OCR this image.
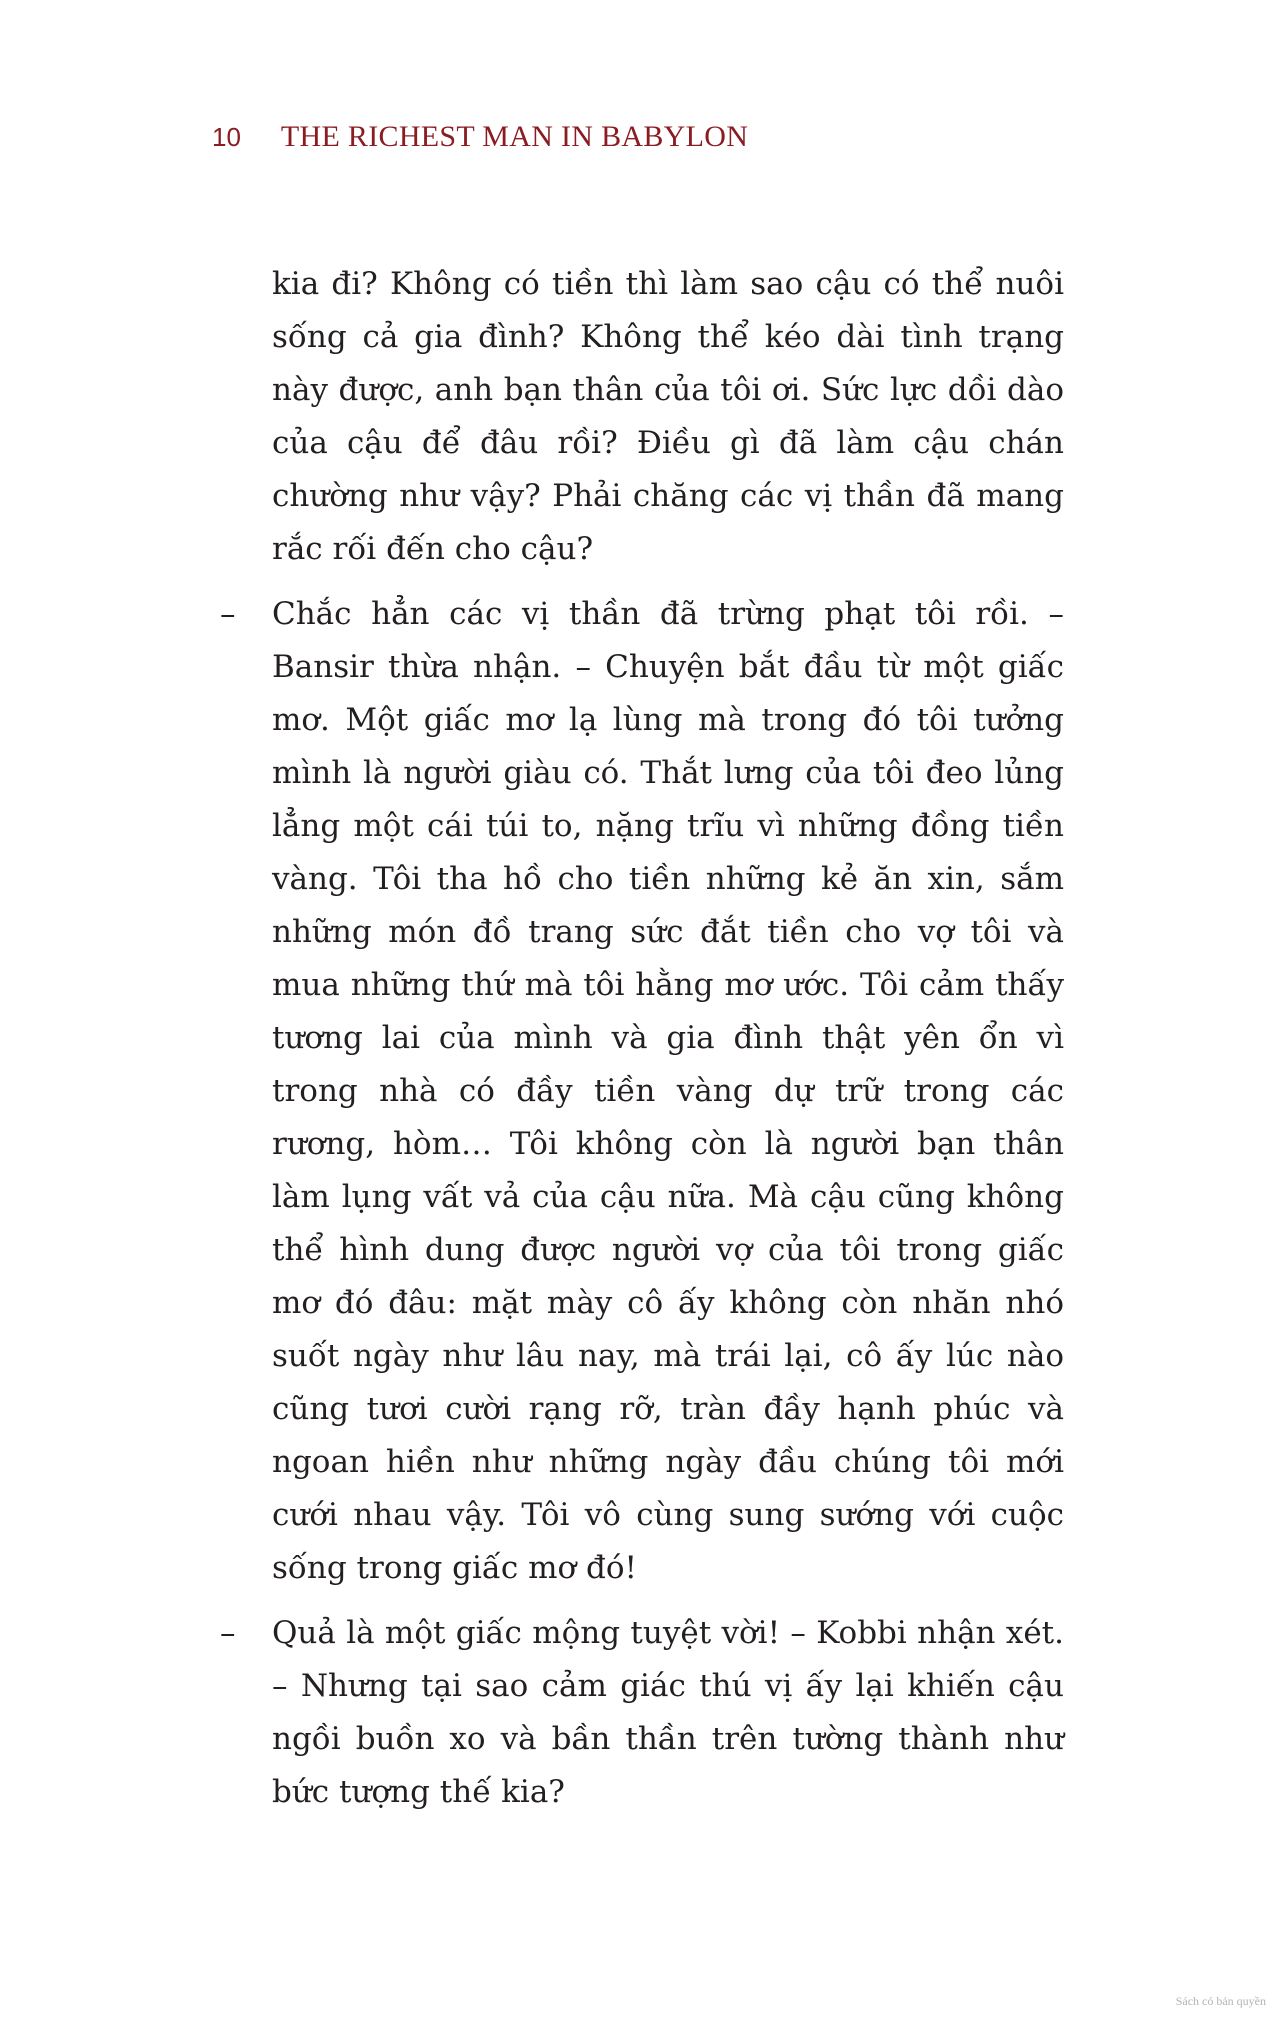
10 THE RICHEST MAN IN BABYLON

kia đi? Không có tiền thì làm sao cậu có thể nuôi sống cả gia đình? Không thể kéo dài tình trạng này được, anh bạn thân của tôi ơi. Sức lực dồi dào của cậu để đâu rồi? Điều gì đã làm cậu chán chường như vậy? Phải chăng các vị thần đã mang rắc rối đến cho cậu?

– Chắc hẳn các vị thần đã trừng phạt tôi rồi. – Bansir thừa nhận. – Chuyện bắt đầu từ một giấc mơ. Một giấc mơ lạ lùng mà trong đó tôi tưởng mình là người giàu có. Thắt lưng của tôi đeo lủng lẳng một cái túi to, nặng trĩu vì những đồng tiền vàng. Tôi tha hồ cho tiền những kẻ ăn xin, sắm những món đồ trang sức đắt tiền cho vợ tôi và mua những thứ mà tôi hằng mơ ước. Tôi cảm thấy tương lai của mình và gia đình thật yên ổn vì trong nhà có đầy tiền vàng dự trữ trong các rương, hòm… Tôi không còn là người bạn thân làm lụng vất vả của cậu nữa. Mà cậu cũng không thể hình dung được người vợ của tôi trong giấc mơ đó đâu: mặt mày cô ấy không còn nhăn nhó suốt ngày như lâu nay, mà trái lại, cô ấy lúc nào cũng tươi cười rạng rỡ, tràn đầy hạnh phúc và ngoan hiền như những ngày đầu chúng tôi mới cưới nhau vậy. Tôi vô cùng sung sướng với cuộc sống trong giấc mơ đó!

– Quả là một giấc mộng tuyệt vời! – Kobbi nhận xét. – Nhưng tại sao cảm giác thú vị ấy lại khiến cậu ngồi buồn xo và bần thần trên tường thành như bức tượng thế kia?

Sách có bản quyền
